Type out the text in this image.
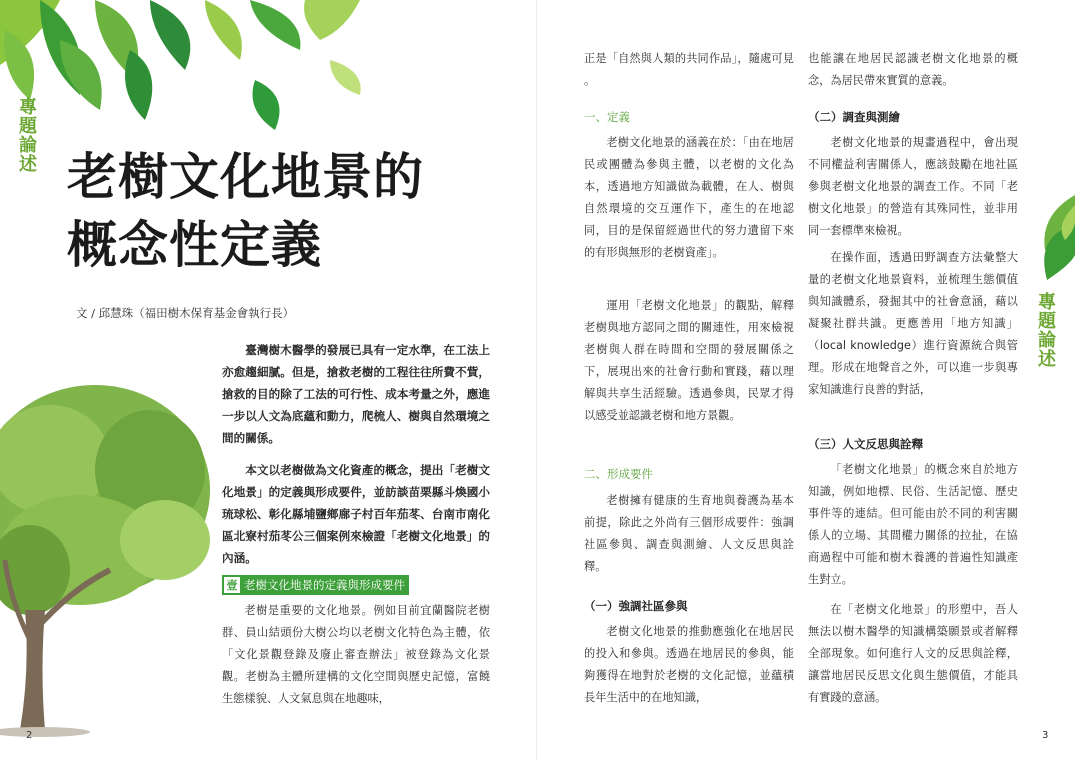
專題論述 老樹文化地景的
概念性定義
文 / 邱慧珠（福田樹木保育基金會執行長）

臺灣樹木醫學的發展已具有一定水準，在工法上亦愈趨細膩。但是，搶救老樹的工程往往所費不貲，搶救的目的除了工法的可行性、成本考量之外，應進一步以人文為底蘊和動力，爬梳人、樹與自然環境之間的關係。

本文以老樹做為文化資產的概念，提出「老樹文化地景」的定義與形成要件，並訪談苗栗縣斗煥國小琉球松、彰化縣埔鹽鄉廍子村百年茄苳、台南市南化區北寮村茄苳公三個案例來檢證「老樹文化地景」的內涵。

壹 老樹文化地景的定義與形成要件

老樹是重要的文化地景。例如目前宜蘭醫院老樹群、員山結頭份大樹公均以老樹文化特色為主體，依「文化景觀登錄及廢止審查辦法」被登錄為文化景觀。老樹為主體所建構的文化空間與歷史記憶，富饒生態樣貌、人文氣息與在地趣味，

2
專題論述

正是「自然與人類的共同作品」，隨處可見 。

一、定義

老樹文化地景的涵義在於：「由在地居民或團體為參與主體，以老樹的文化為本，透過地方知識做為載體，在人、樹與自然環境的交互運作下，產生的在地認同，目的是保留經過世代的努力遺留下來的有形與無形的老樹資產」。

運用「老樹文化地景」的觀點，解釋老樹與地方認同之間的關連性，用來檢視老樹與人群在時間和空間的發展關係之下，展現出來的社會行動和實踐，藉以理解與共享生活經驗。透過參與，民眾才得以感受並認識老樹和地方景觀。

二、形成要件

老樹擁有健康的生育地與養護為基本前提，除此之外尚有三個形成要件：強調社區參與、調查與測繪、人文反思與詮釋。

（一）強調社區參與

老樹文化地景的推動應強化在地居民的投入和參與。透過在地居民的參與，能夠獲得在地對於老樹的文化記憶，並蘊積長年生活中的在地知識，

也能讓在地居民認識老樹文化地景的概念，為居民帶來實質的意義。

（二）調查與測繪

老樹文化地景的規畫過程中，會出現不同權益利害關係人，應該鼓勵在地社區參與老樹文化地景的調查工作。不同「老樹文化地景」的營造有其殊同性，並非用同一套標準來檢視。

在操作面，透過田野調查方法彙整大量的老樹文化地景資料，並梳理生態價值與知識體系，發掘其中的社會意涵，藉以凝聚社群共識。更應善用「地方知識」（local knowledge）進行資源統合與管理。形成在地聲音之外，可以進一步與專家知識進行良善的對話，

（三）人文反思與詮釋

「老樹文化地景」的概念來自於地方知識，例如地標、民俗、生活記憶、歷史事件等的連結。但可能由於不同的利害關係人的立場、其間權力關係的拉扯，在協商過程中可能和樹木養護的普遍性知識產生對立。

在「老樹文化地景」的形塑中，吾人無法以樹木醫學的知識構築願景或者解釋全部現象。如何進行人文的反思與詮釋，讓當地居民反思文化與生態價值，才能具有實踐的意涵。

3
